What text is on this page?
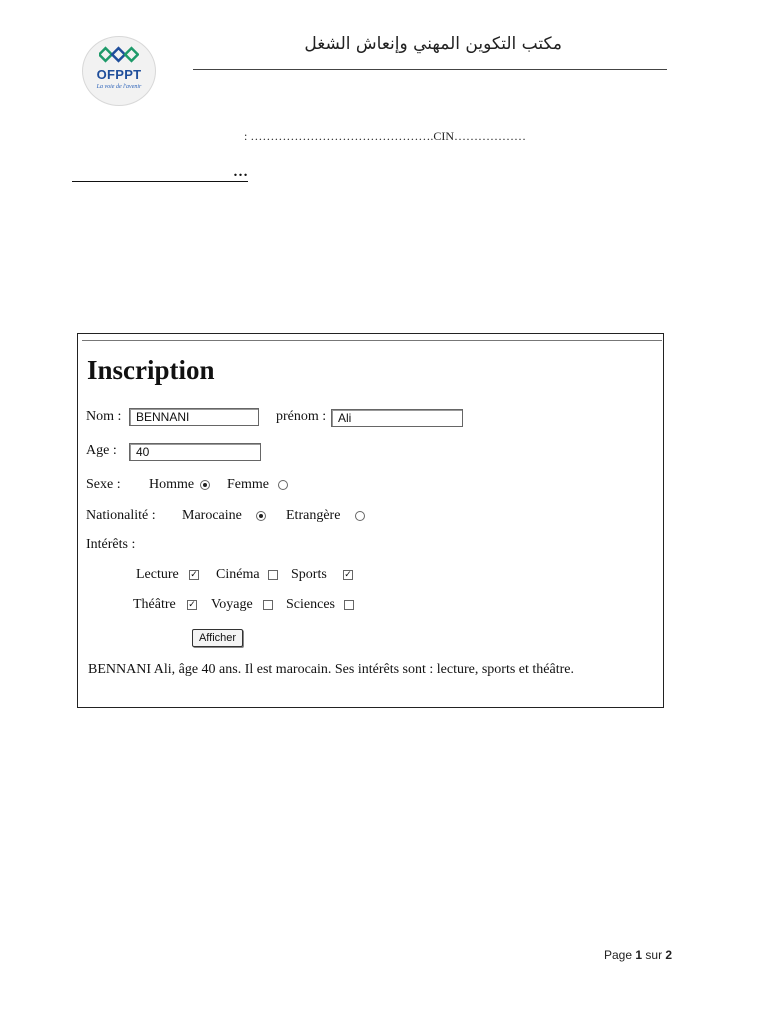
OFPPT
La voie de l'avenir
مكتب التكوين المهني وإنعاش الشغل
: ……………………………………….CIN………………
…
Inscription
Nom :	BENNANI	prénom : Ali
Age :	40
Sexe : Homme Femme
Nationalité : Marocaine	Etrangère
Intérêts :
Lecture ✓ Cinéma Sports ✓
Théâtre ✓ Voyage Sciences
Afficher
BENNANI Ali, âge 40 ans. Il est marocain. Ses intérêts sont : lecture, sports et théâtre.
Page 1 sur 2
